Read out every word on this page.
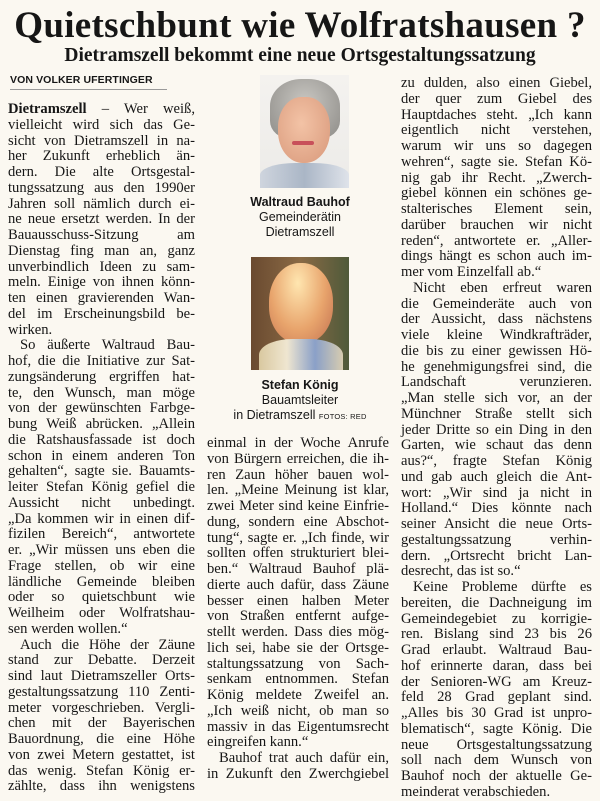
Quietschbunt wie Wolfratshausen ?
Dietramszell bekommt eine neue Ortsgestaltungssatzung
VON VOLKER UFERTINGER
Waltraud Bauhof
Gemeinderätin
Dietramszell
Stefan König
Bauamtsleiter
in Dietramszell FOTOS: RED
Dietramszell – Wer weiß,
vielleicht wird sich das Ge-
sicht von Dietramszell in na-
her Zukunft erheblich än-
dern. Die alte Ortsgestal-
tungssatzung aus den 1990er
Jahren soll nämlich durch ei-
ne neue ersetzt werden. In der
Bauausschuss-Sitzung am
Dienstag fing man an, ganz
unverbindlich Ideen zu sam-
meln. Einige von ihnen könn-
ten einen gravierenden Wan-
del im Erscheinungsbild be-
wirken.
So äußerte Waltraud Bau-
hof, die die Initiative zur Sat-
zungsänderung ergriffen hat-
te, den Wunsch, man möge
von der gewünschten Farbge-
bung Weiß abrücken. „Allein
die Ratshausfassade ist doch
schon in einem anderen Ton
gehalten“, sagte sie. Bauamts-
leiter Stefan König gefiel die
Aussicht nicht unbedingt.
„Da kommen wir in einen dif-
fizilen Bereich“, antwortete
er. „Wir müssen uns eben die
Frage stellen, ob wir eine
ländliche Gemeinde bleiben
oder so quietschbunt wie
Weilheim oder Wolfratshau-
sen werden wollen.“
Auch die Höhe der Zäune
stand zur Debatte. Derzeit
sind laut Dietramszeller Orts-
gestaltungssatzung 110 Zenti-
meter vorgeschrieben. Vergli-
chen mit der Bayerischen
Bauordnung, die eine Höhe
von zwei Metern gestattet, ist
das wenig. Stefan König er-
zählte, dass ihn wenigstens
einmal in der Woche Anrufe
von Bürgern erreichen, die ih-
ren Zaun höher bauen wol-
len. „Meine Meinung ist klar,
zwei Meter sind keine Einfrie-
dung, sondern eine Abschot-
tung“, sagte er. „Ich finde, wir
sollten offen strukturiert blei-
ben.“ Waltraud Bauhof plä-
dierte auch dafür, dass Zäune
besser einen halben Meter
von Straßen entfernt aufge-
stellt werden. Dass dies mög-
lich sei, habe sie der Ortsge-
staltungssatzung von Sach-
senkam entnommen. Stefan
König meldete Zweifel an.
„Ich weiß nicht, ob man so
massiv in das Eigentumsrecht
eingreifen kann.“
Bauhof trat auch dafür ein,
in Zukunft den Zwerchgiebel
zu dulden, also einen Giebel,
der quer zum Giebel des
Hauptdaches steht. „Ich kann
eigentlich nicht verstehen,
warum wir uns so dagegen
wehren“, sagte sie. Stefan Kö-
nig gab ihr Recht. „Zwerch-
giebel können ein schönes ge-
stalterisches Element sein,
darüber brauchen wir nicht
reden“, antwortete er. „Aller-
dings hängt es schon auch im-
mer vom Einzelfall ab.“
Nicht eben erfreut waren
die Gemeinderäte auch von
der Aussicht, dass nächstens
viele kleine Windkrafträder,
die bis zu einer gewissen Hö-
he genehmigungsfrei sind, die
Landschaft verunzieren.
„Man stelle sich vor, an der
Münchner Straße stellt sich
jeder Dritte so ein Ding in den
Garten, wie schaut das denn
aus?“, fragte Stefan König
und gab auch gleich die Ant-
wort: „Wir sind ja nicht in
Holland.“ Dies könnte nach
seiner Ansicht die neue Orts-
gestaltungssatzung verhin-
dern. „Ortsrecht bricht Lan-
desrecht, das ist so.“
Keine Probleme dürfte es
bereiten, die Dachneigung im
Gemeindegebiet zu korrigie-
ren. Bislang sind 23 bis 26
Grad erlaubt. Waltraud Bau-
hof erinnerte daran, dass bei
der Senioren-WG am Kreuz-
feld 28 Grad geplant sind.
„Alles bis 30 Grad ist unpro-
blematisch“, sagte König. Die
neue Ortsgestaltungssatzung
soll nach dem Wunsch von
Bauhof noch der aktuelle Ge-
meinderat verabschieden.
